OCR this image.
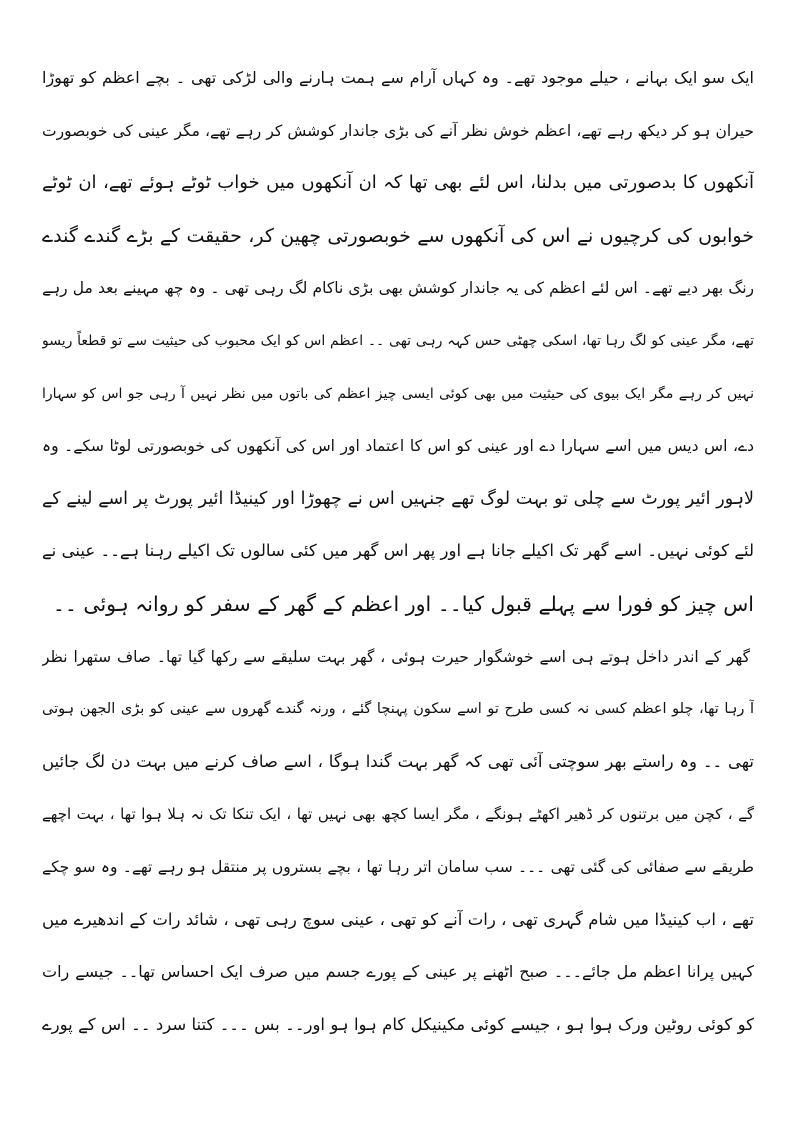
ایک سو ایک بہانے ، حیلے موجود تھے۔ وہ کہاں آرام سے ہمت ہارنے والی لڑکی تھی ۔ بچے اعظم کو تھوڑا
حیران ہو کر دیکھ رہے تھے، اعظم خوش نظر آنے کی بڑی جاندار کوشش کر رہے تھے، مگر عینی کی خوبصورت
آنکھوں کا بدصورتی میں بدلنا، اس لئے بھی تھا کہ ان آنکھوں میں خواب ٹوٹے ہوئے تھے، ان ٹوٹے
خوابوں کی کرچیوں نے اس کی آنکھوں سے خوبصورتی چھین کر، حقیقت کے بڑے گندے گندے
رنگ بھر دیے تھے۔ اس لئے اعظم کی یہ جاندار کوشش بھی بڑی ناکام لگ رہی تھی ۔ وہ چھ مہینے بعد مل رہے
تھے، مگر عینی کو لگ رہا تھا، اسکی چھٹی حس کہہ رہی تھی ۔۔ اعظم اس کو ایک محبوب کی حیثیت سے تو قطعاً ریسو
نہیں کر رہے مگر ایک بیوی کی حیثیت میں بھی کوئی ایسی چیز اعظم کی باتوں میں نظر نہیں آ رہی جو اس کو سہارا
دے، اس دیس میں اسے سہارا دے اور عینی کو اس کا اعتماد اور اس کی آنکھوں کی خوبصورتی لوٹا سکے۔ وہ
لاہور ائیر پورٹ سے چلی تو بہت لوگ تھے جنہیں اس نے چھوڑا اور کینیڈا ائیر پورٹ پر اسے لینے کے
لئے کوئی نہیں۔ اسے گھر تک اکیلے جانا ہے اور پھر اس گھر میں کئی سالوں تک اکیلے رہنا ہے۔۔ عینی نے
اس چیز کو فورا سے پہلے قبول کیا۔۔ اور اعظم کے گھر کے سفر کو روانہ ہوئی ۔۔
گھر کے اندر داخل ہوتے ہی اسے خوشگوار حیرت ہوئی ، گھر بہت سلیقے سے رکھا گیا تھا۔ صاف ستھرا نظر
آ رہا تھا، چلو اعظم کسی نہ کسی طرح تو اسے سکون پہنچا گئے ، ورنہ گندے گھروں سے عینی کو بڑی الجھن ہوتی
تھی ۔۔ وہ راستے بھر سوچتی آئی تھی کہ گھر بہت گندا ہوگا ، اسے صاف کرنے میں بہت دن لگ جائیں
گے ، کچن میں برتنوں کر ڈھیر اکھٹے ہونگے ، مگر ایسا کچھ بھی نہیں تھا ، ایک تنکا تک نہ ہلا ہوا تھا ، بہت اچھے
طریقے سے صفائی کی گئی تھی ۔۔۔ سب سامان اتر رہا تھا ، بچے بستروں پر منتقل ہو رہے تھے۔ وہ سو چکے
تھے ، اب کینیڈا میں شام گہری تھی ، رات آنے کو تھی ، عینی سوچ رہی تھی ، شائد رات کے اندھیرے میں
کہیں پرانا اعظم مل جائے۔۔۔ صبح اٹھنے پر عینی کے پورے جسم میں صرف ایک احساس تھا۔۔ جیسے رات
کو کوئی روٹین ورک ہوا ہو ، جیسے کوئی مکینیکل کام ہوا ہو اور۔۔ بس ۔۔۔ کتنا سرد ۔۔ اس کے پورے
